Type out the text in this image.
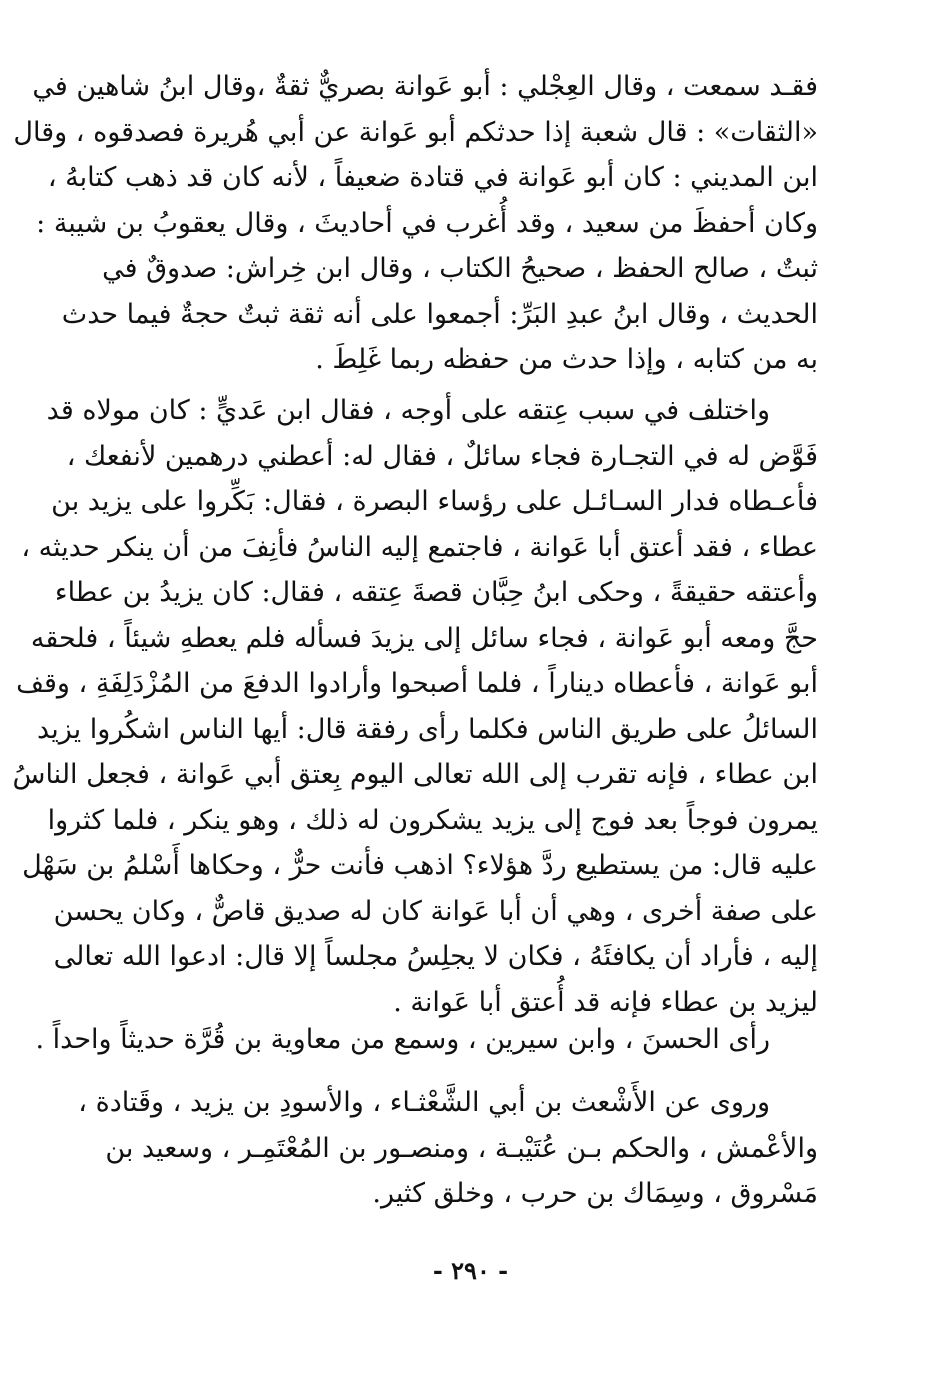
فقـد سمعت ، وقال العِجْلي : أبو عَوانة بصريٌّ ثقةٌ ،وقال ابنُ شاهين في
«الثقات» : قال شعبة إذا حدثكم أبو عَوانة عن أبي هُريرة فصدقوه ، وقال
ابن المديني : كان أبو عَوانة في قتادة ضعيفاً ، لأنه كان قد ذهب كتابهُ ،
وكان أحفظَ من سعيد ، وقد أُغرب في أحاديثَ ، وقال يعقوبُ بن شيبة :
ثبتٌ ، صالح الحفظ ، صحيحُ الكتاب ، وقال ابن خِراش: صدوقٌ في
الحديث ، وقال ابنُ عبدِ البَرِّ: أجمعوا على أنه ثقة ثبتٌ حجةٌ فيما حدث
به من كتابه ، وإذا حدث من حفظه ربما غَلِطَ .
واختلف في سبب عِتقه على أوجه ، فقال ابن عَديٍّ : كان مولاه قد
فَوَّض له في التجـارة فجاء سائلٌ ، فقال له: أعطني درهمين لأنفعك ،
فأعـطاه فدار السـائـل على رؤساء البصرة ، فقال: بَكِّروا على يزيد بن
عطاء ، فقد أعتق أبا عَوانة ، فاجتمع إليه الناسُ فأنِفَ من أن ينكر حديثه ،
وأعتقه حقيقةً ، وحكى ابنُ حِبَّان قصةَ عِتقه ، فقال: كان يزيدُ بن عطاء
حجَّ ومعه أبو عَوانة ، فجاء سائل إلى يزيدَ فسأله فلم يعطهِ شيئاً ، فلحقه
أبو عَوانة ، فأعطاه ديناراً ، فلما أصبحوا وأرادوا الدفعَ من المُزْدَلِفَةِ ، وقف
السائلُ على طريق الناس فكلما رأى رفقة قال: أيها الناس اشكُروا يزيد
ابن عطاء ، فإنه تقرب إلى الله تعالى اليوم بِعتق أبي عَوانة ، فجعل الناسُ
يمرون فوجاً بعد فوج إلى يزيد يشكرون له ذلك ، وهو ينكر ، فلما كثروا
عليه قال: من يستطيع ردَّ هؤلاء؟ اذهب فأنت حرٌّ ، وحكاها أَسْلمُ بن سَهْل
على صفة أخرى ، وهي أن أبا عَوانة كان له صديق قاصٌّ ، وكان يحسن
إليه ، فأراد أن يكافئَهُ ، فكان لا يجلِسُ مجلساً إلا قال: ادعوا الله تعالى
ليزيد بن عطاء فإنه قد أُعتق أبا عَوانة .
رأى الحسنَ ، وابن سيرين ، وسمع من معاوية بن قُرَّة حديثاً واحداً .
وروى عن الأَشْعث بن أبي الشَّعْثـاء ، والأسودِ بن يزيد ، وقَتادة ،
والأعْمش ، والحكم بـن عُتَيْبـة ، ومنصـور بن المُعْتَمِـر ، وسعيد بن
مَسْروق ، وسِمَاك بن حرب ، وخلق كثير.
- ٢٩٠ -
